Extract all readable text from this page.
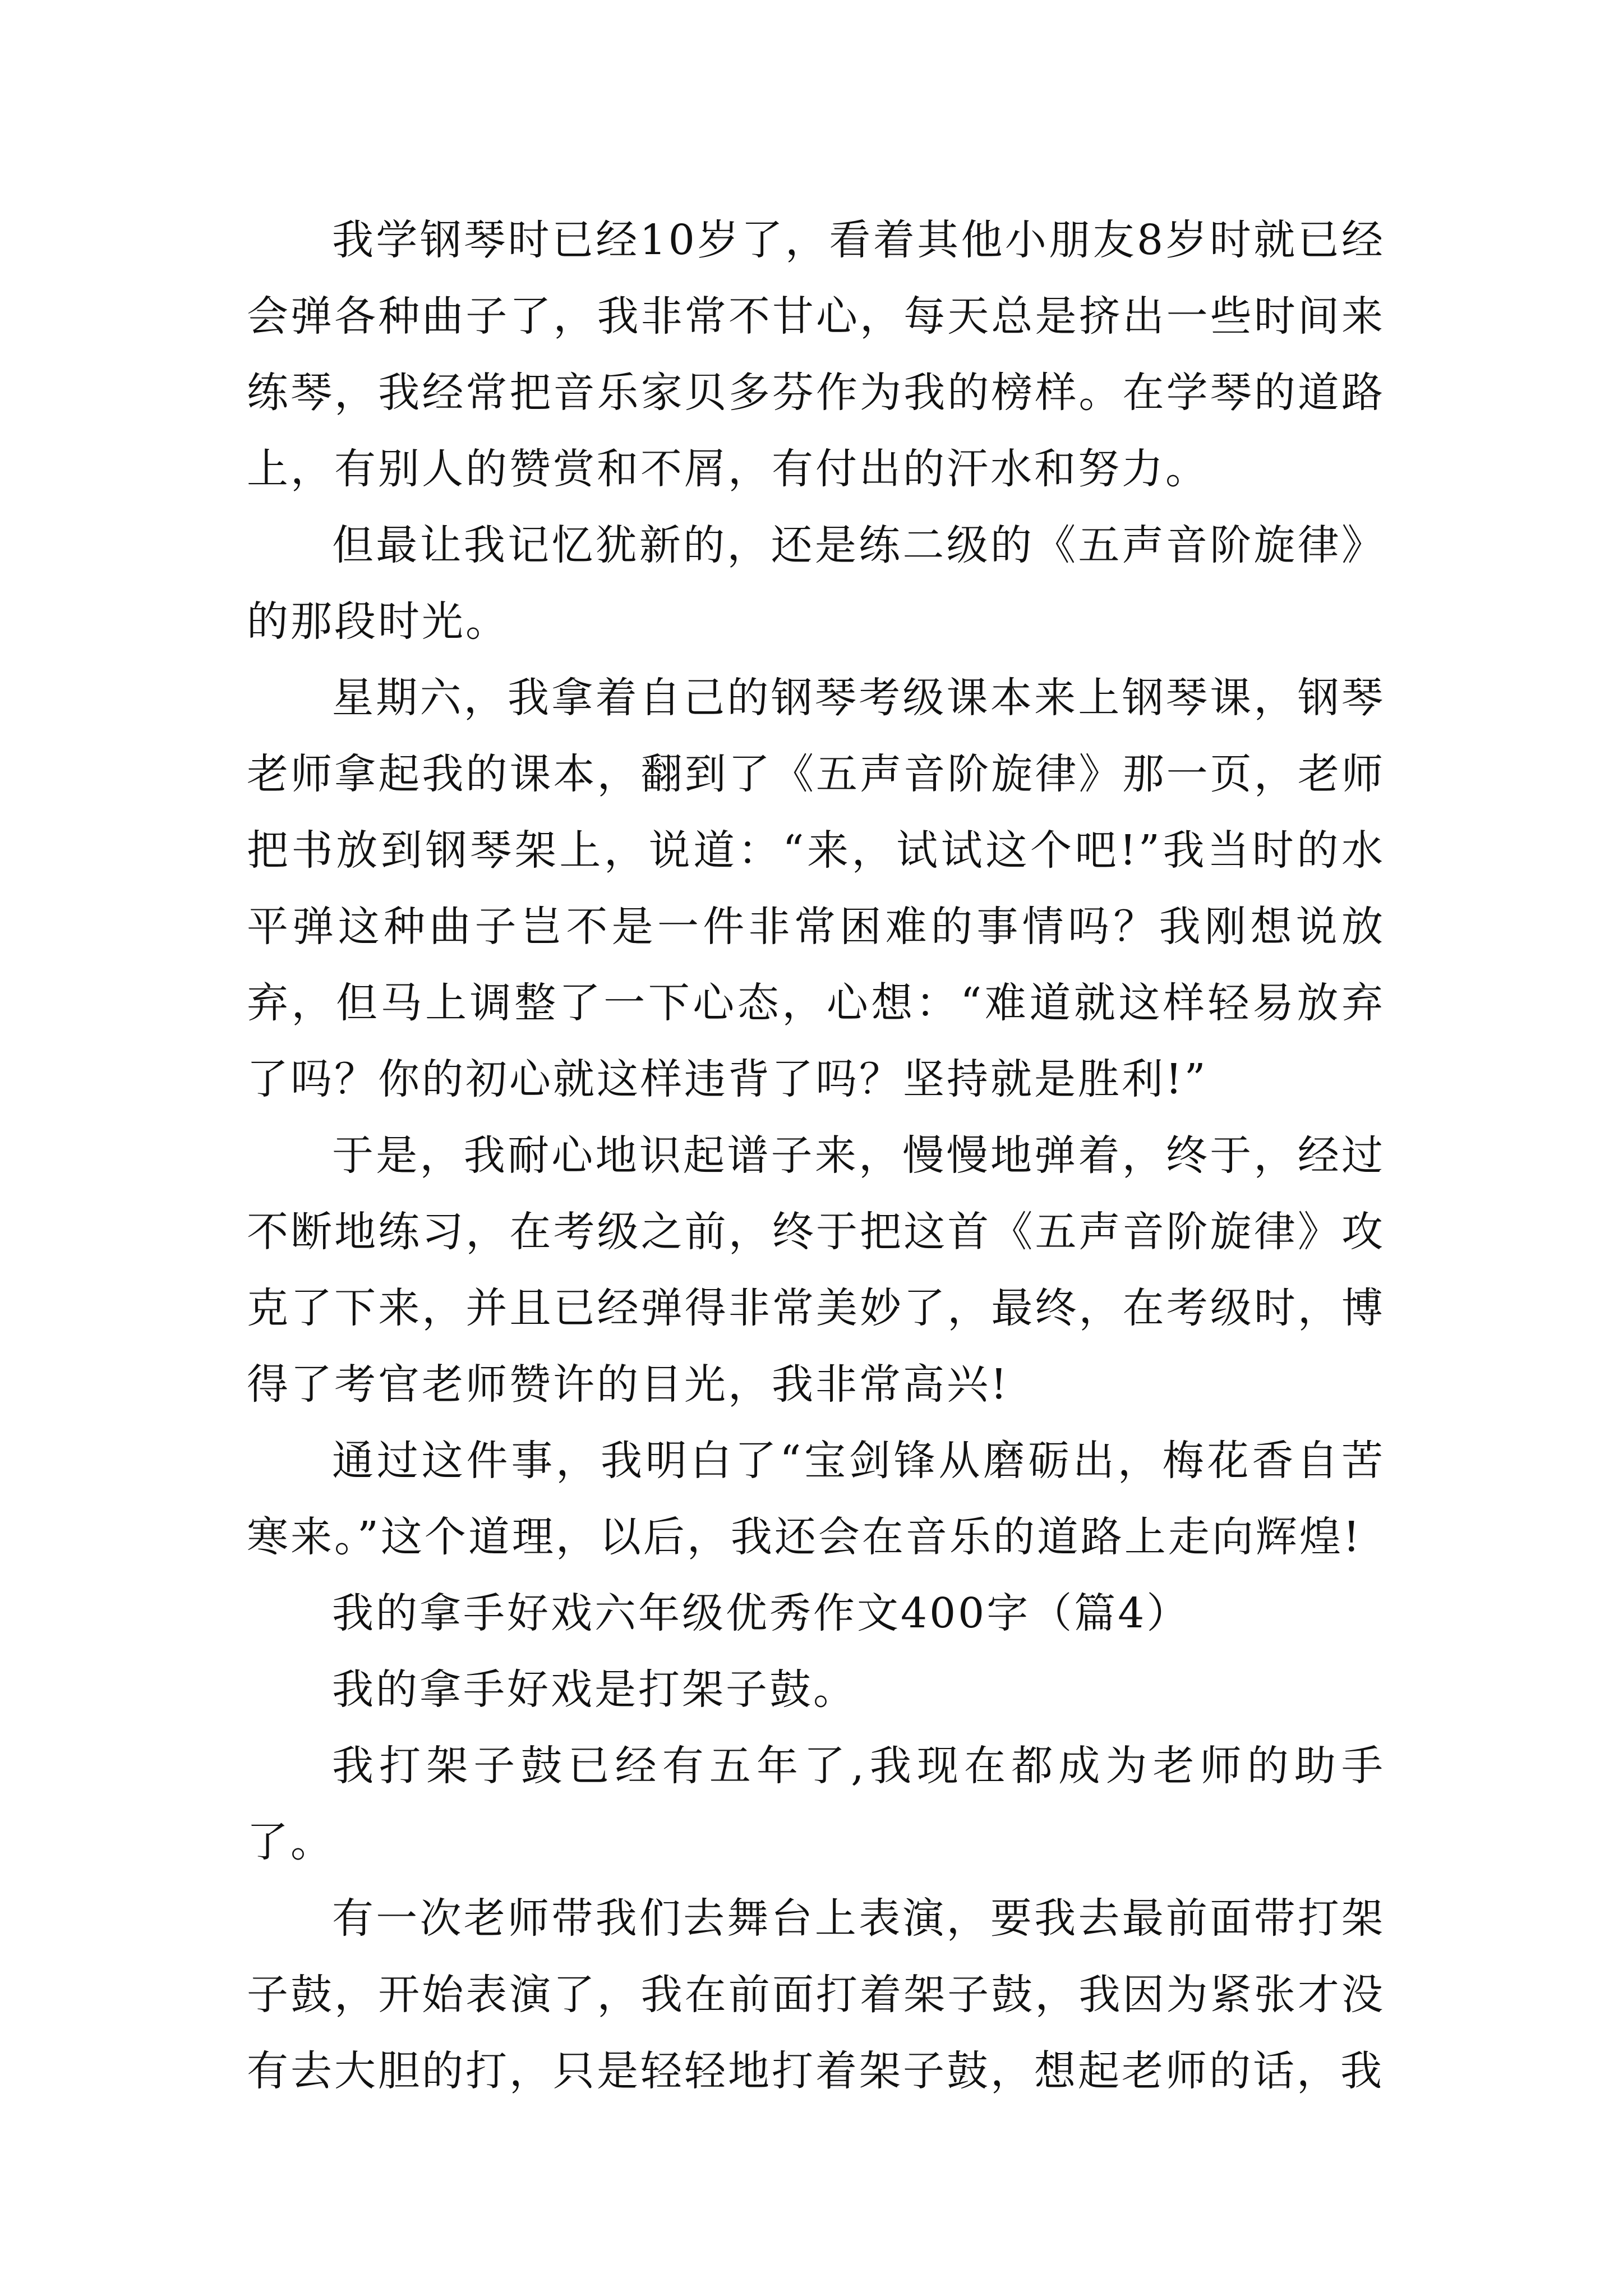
我学钢琴时已经10岁了，看着其他小朋友8岁时就已经会弹各种曲子了，我非常不甘心，每天总是挤出一些时间来练琴，我经常把音乐家贝多芬作为我的榜样。在学琴的道路上，有别人的赞赏和不屑，有付出的汗水和努力。

但最让我记忆犹新的，还是练二级的《五声音阶旋律》的那段时光。

星期六，我拿着自己的钢琴考级课本来上钢琴课，钢琴老师拿起我的课本，翻到了《五声音阶旋律》那一页，老师把书放到钢琴架上，说道：“来，试试这个吧!”我当时的水平弹这种曲子岂不是一件非常困难的事情吗？我刚想说放弃，但马上调整了一下心态，心想：“难道就这样轻易放弃了吗？你的初心就这样违背了吗？坚持就是胜利!”

于是，我耐心地识起谱子来，慢慢地弹着，终于，经过不断地练习，在考级之前，终于把这首《五声音阶旋律》攻克了下来，并且已经弹得非常美妙了，最终，在考级时，博得了考官老师赞许的目光，我非常高兴!

通过这件事，我明白了“宝剑锋从磨砺出，梅花香自苦寒来。”这个道理，以后，我还会在音乐的道路上走向辉煌!

我的拿手好戏六年级优秀作文400字（篇4）

我的拿手好戏是打架子鼓。

我打架子鼓已经有五年了,我现在都成为老师的助手了。

有一次老师带我们去舞台上表演，要我去最前面带打架子鼓，开始表演了，我在前面打着架子鼓，我因为紧张才没有去大胆的打，只是轻轻地打着架子鼓，想起老师的话，我
